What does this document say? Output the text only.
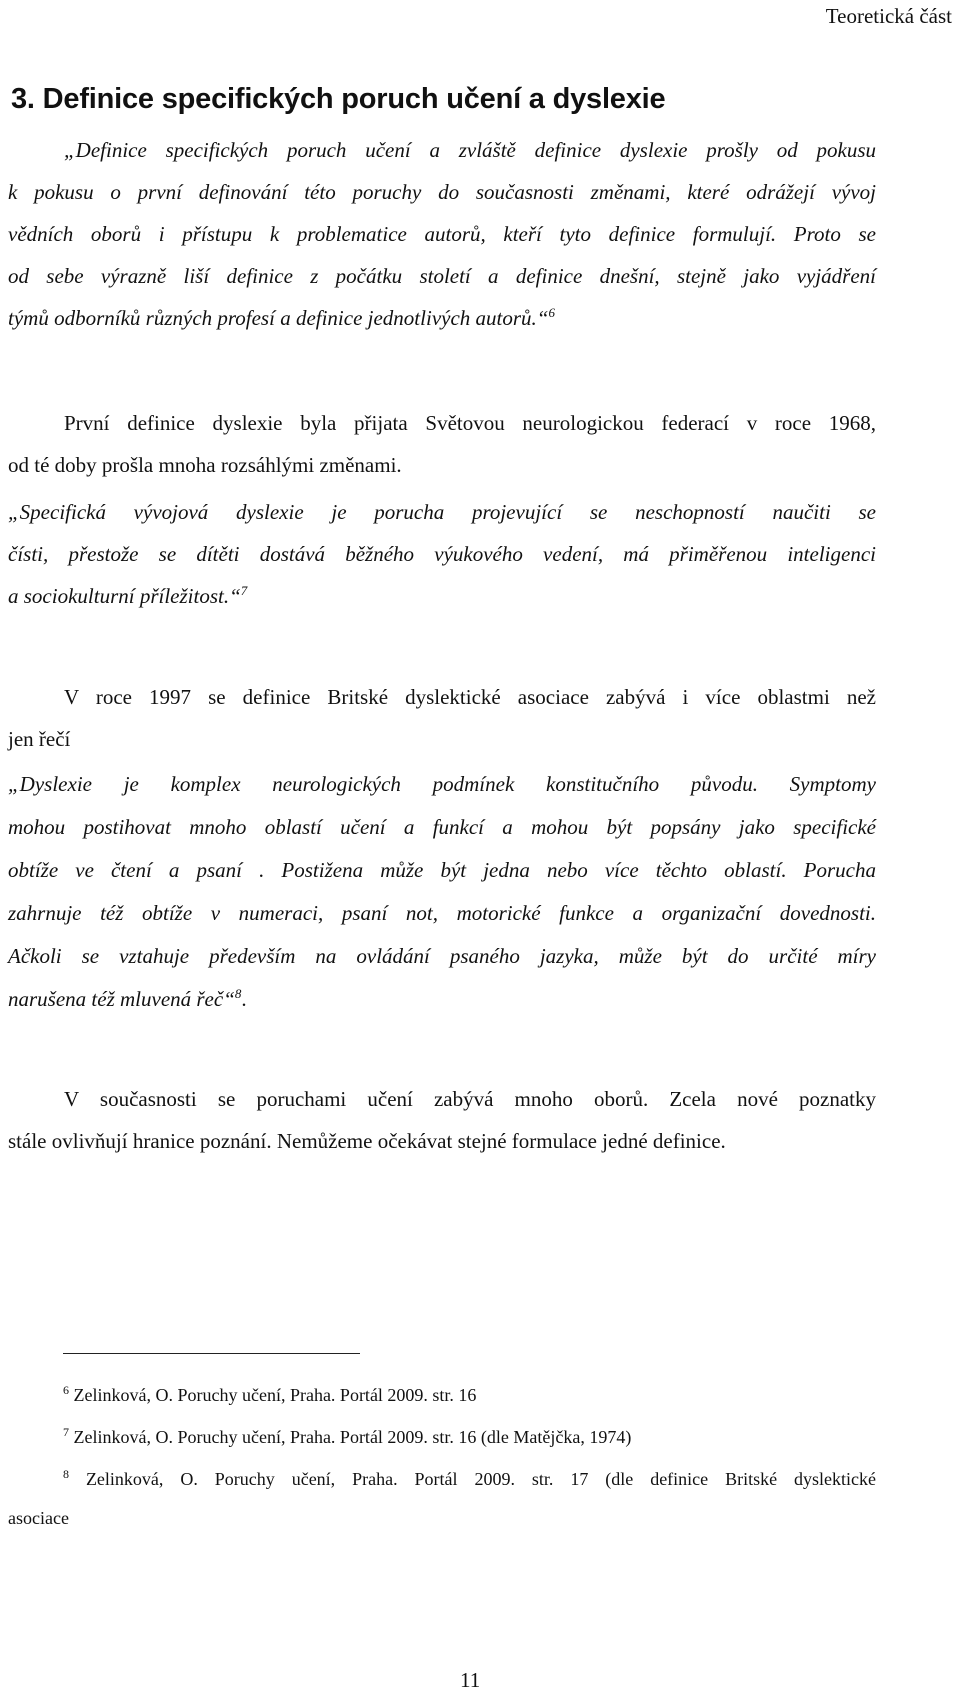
Teoretická část
3. Definice specifických poruch učení a dyslexie
„Definice specifických poruch učení a zvláště definice dyslexie prošly od pokusu
k pokusu o první definování této poruchy do současnosti změnami, které odrážejí vývoj
vědních oborů i přístupu k problematice autorů, kteří tyto definice formulují. Proto se
od sebe výrazně liší definice z počátku století a definice dnešní, stejně jako vyjádření
týmů odborníků různých profesí a definice jednotlivých autorů.“$^6$
První definice dyslexie byla přijata Světovou neurologickou federací v roce 1968,
od té doby prošla mnoha rozsáhlými změnami.
„Specifická vývojová dyslexie je porucha projevující se neschopností naučiti se
čísti, přestože se dítěti dostává běžného výukového vedení, má přiměřenou inteligenci
a sociokulturní příležitost.“$^7$
V roce 1997 se definice Britské dyslektické asociace zabývá i více oblastmi než
jen řečí
„Dyslexie je komplex neurologických podmínek konstitučního původu. Symptomy
mohou postihovat mnoho oblastí učení a funkcí a mohou být popsány jako specifické
obtíže ve čtení a psaní . Postižena může být jedna nebo více těchto oblastí. Porucha
zahrnuje též obtíže v numeraci, psaní not, motorické funkce a organizační dovednosti.
Ačkoli se vztahuje především na ovládání psaného jazyka, může být do určité míry
narušena též mluvená řeč“$^8$.
V současnosti se poruchami učení zabývá mnoho oborů. Zcela nové poznatky
stále ovlivňují hranice poznání. Nemůžeme očekávat stejné formulace jedné definice.
$^6$ Zelinková, O. Poruchy učení, Praha. Portál 2009. str. 16
$^7$ Zelinková, O. Poruchy učení, Praha. Portál 2009. str. 16 (dle Matějčka, 1974)
$^8$ Zelinková, O. Poruchy učení, Praha. Portál 2009. str. 17 (dle definice Britské dyslektické
asociace
11
